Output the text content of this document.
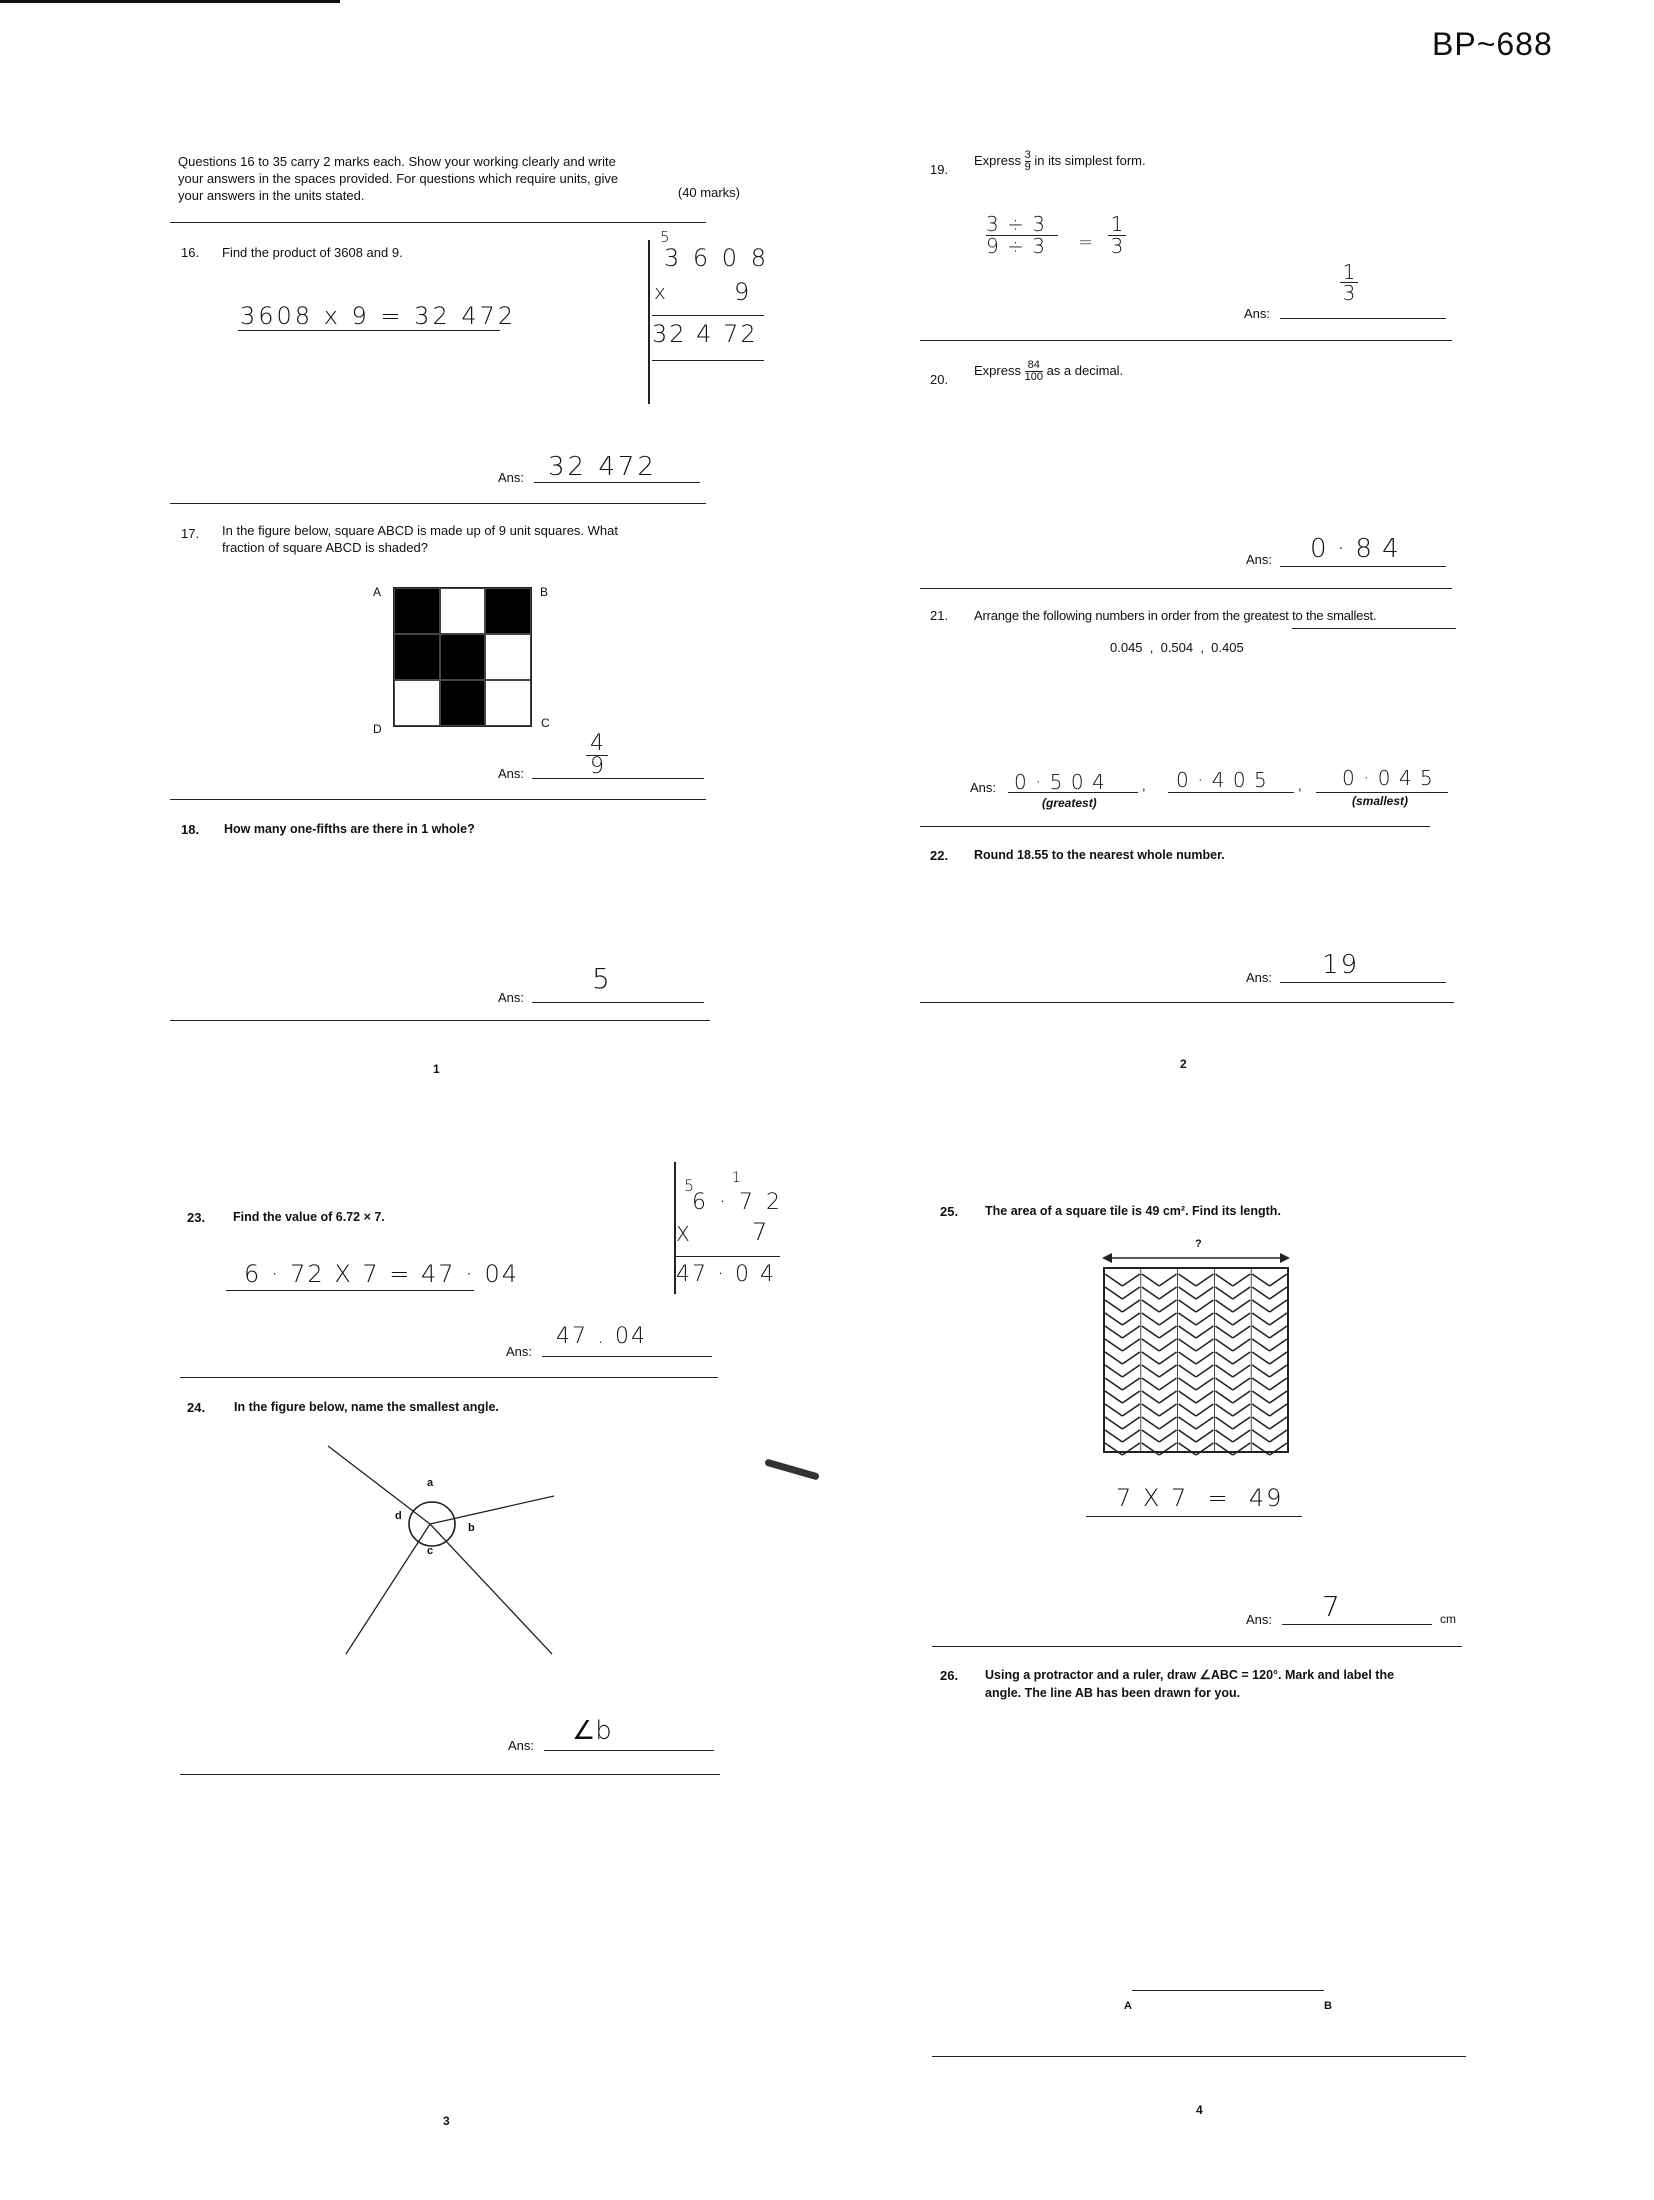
BP~688
Questions 16 to 35 carry 2 marks each. Show your working clearly and write
your answers in the spaces provided. For questions which require units, give
your answers in the units stated.	(40 marks)
16. Find the product of 3608 and 9.
3608 x 9 = 32 472
5
3 6 0 8
x	9
32 4 72
Ans: 32 472
17. In the figure below, square ABCD is made up of 9 unit squares. What
fraction of square ABCD is shaded?
A	B
C
D
Ans:
4
9
18. How many one-fifths are there in 1 whole?
Ans:
5
1
19.
Express $\frac{3}{9}$ in its simplest form.
3 ÷ 3
9 ÷ 3	=
1
3
Ans:
1
3
20.
Express $\frac{84}{100}$ as a decimal.
Ans: 0 · 8 4
21. Arrange the following numbers in order from the greatest to the smallest.
0.045  ,  0.504  ,  0.405
Ans: 0 · 5 0 4	, 0 · 4 0 5 , 0 · 0 4 5
(greatest)	(smallest)
22. Round 18.55 to the nearest whole number.
Ans: 19
2
23. Find the value of 6.72 × 7.
6 · 72 X 7 = 47 · 04
5 1
6 · 7 2
X 7
47 · 0 4
Ans:
47 . 04
24. In the figure below, name the smallest angle.
a
b
c
d
Ans: ∠b
3
25. The area of a square tile is 49 cm². Find its length.
?
7 X 7  =  49
Ans: 7	cm
26. Using a protractor and a ruler, draw ∠ABC = 120°. Mark and label the
angle. The line AB has been drawn for you.
A	B
4
